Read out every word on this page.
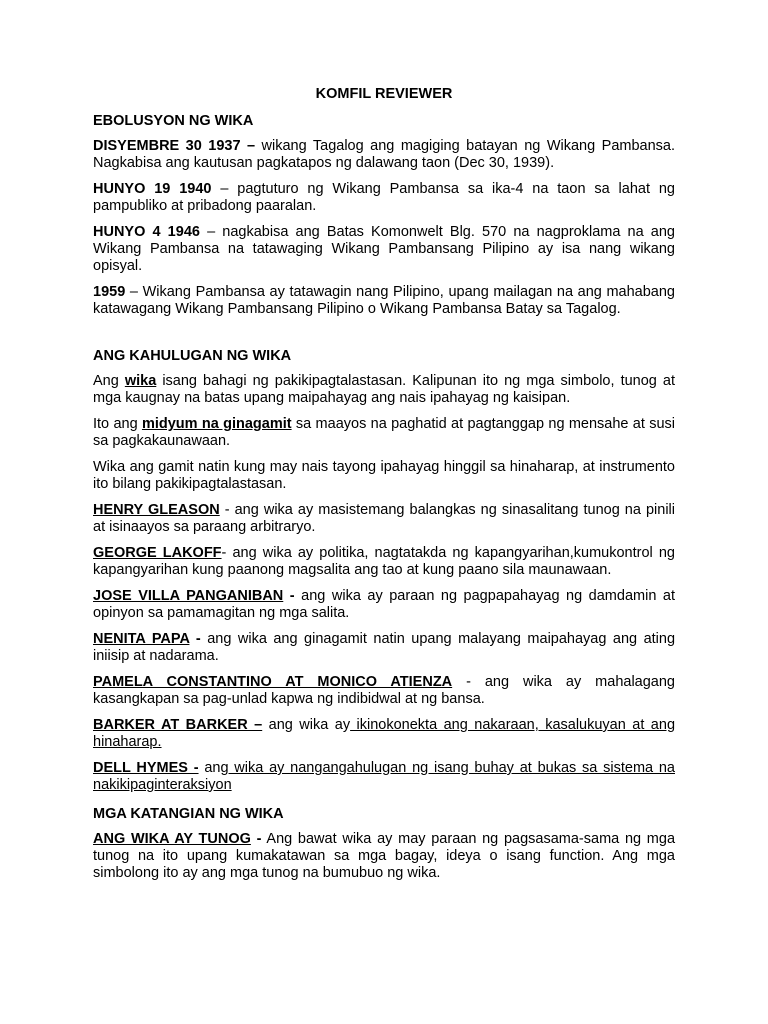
KOMFIL REVIEWER
EBOLUSYON NG WIKA

DISYEMBRE 30 1937 – wikang Tagalog ang magiging batayan ng Wikang Pambansa. Nagkabisa ang kautusan pagkatapos ng dalawang taon (Dec 30, 1939).

HUNYO 19 1940 – pagtuturo ng Wikang Pambansa sa ika-4 na taon sa lahat ng pampubliko at pribadong paaralan.

HUNYO 4 1946 – nagkabisa ang Batas Komonwelt Blg. 570 na nagproklama na ang Wikang Pambansa na tatawaging Wikang Pambansang Pilipino ay isa nang wikang opisyal.

1959 – Wikang Pambansa ay tatawagin nang Pilipino, upang mailagan na ang mahabang katawagang Wikang Pambansang Pilipino o Wikang Pambansa Batay sa Tagalog.

ANG KAHULUGAN NG WIKA

Ang wika isang bahagi ng pakikipagtalastasan. Kalipunan ito ng mga simbolo, tunog at mga kaugnay na batas upang maipahayag ang nais ipahayag ng kaisipan.

Ito ang midyum na ginagamit sa maayos na paghatid at pagtanggap ng mensahe at susi sa pagkakaunawaan.

Wika ang gamit natin kung may nais tayong ipahayag hinggil sa hinaharap, at instrumento ito bilang pakikipagtalastasan.

HENRY GLEASON - ang wika ay masistemang balangkas ng sinasalitang tunog na pinili at isinaayos sa paraang arbitraryo.

GEORGE LAKOFF- ang wika ay politika, nagtatakda ng kapangyarihan,kumukontrol ng kapangyarihan kung paanong magsalita ang tao at kung paano sila maunawaan.

JOSE VILLA PANGANIBAN - ang wika ay paraan ng pagpapahayag ng damdamin at opinyon sa pamamagitan ng mga salita.

NENITA PAPA - ang wika ang ginagamit natin upang malayang maipahayag ang ating iniisip at nadarama.

PAMELA CONSTANTINO AT MONICO ATIENZA - ang wika ay mahalagang kasangkapan sa pag-unlad kapwa ng indibidwal at ng bansa.

BARKER AT BARKER – ang wika ay ikinokonekta ang nakaraan, kasalukuyan at ang hinaharap.

DELL HYMES - ang wika ay nangangahulugan ng isang buhay at bukas sa sistema na nakikipaginteraksiyon

MGA KATANGIAN NG WIKA

ANG WIKA AY TUNOG - Ang bawat wika ay may paraan ng pagsasama-sama ng mga tunog na ito upang kumakatawan sa mga bagay, ideya o isang function. Ang mga simbolong ito ay ang mga tunog na bumubuo ng wika.
